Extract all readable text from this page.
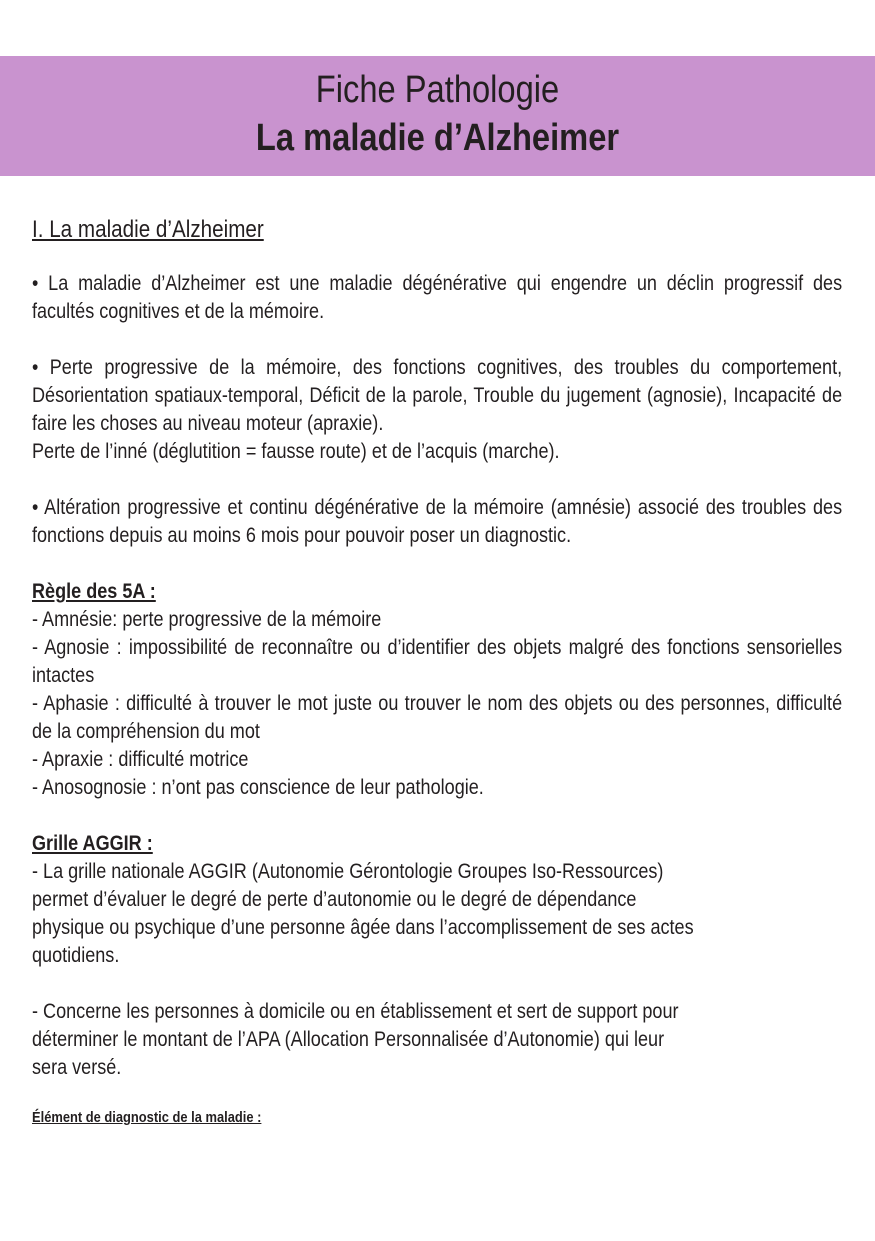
Fiche Pathologie
La maladie d’Alzheimer

I. La maladie d’Alzheimer

• La maladie d’Alzheimer est une maladie dégénérative qui engendre un déclin progressif des facultés cognitives et de la mémoire.

• Perte progressive de la mémoire, des fonctions cognitives, des troubles du comportement, Désorientation spatiaux-temporal, Déficit de la parole, Trouble du jugement (agnosie), Incapacité de faire les choses au niveau moteur (apraxie).

Perte de l’inné (déglutition = fausse route) et de l’acquis (marche).

• Altération progressive et continu dégénérative de la mémoire (amnésie) associé des troubles des fonctions depuis au moins 6 mois pour pouvoir poser un diagnostic.

Règle des 5A :

- Amnésie: perte progressive de la mémoire

- Agnosie : impossibilité de reconnaître ou d’identifier des objets malgré des fonctions sensorielles intactes

- Aphasie : difficulté à trouver le mot juste ou trouver le nom des objets ou des personnes, difficulté de la compréhension du mot

- Apraxie : difficulté motrice

- Anosognosie : n’ont pas conscience de leur pathologie.

Grille AGGIR :

- La grille nationale AGGIR (Autonomie Gérontologie Groupes Iso-Ressources)

permet d’évaluer le degré de perte d’autonomie ou le degré de dépendance

physique ou psychique d’une personne âgée dans l’accomplissement de ses actes

quotidiens.

- Concerne les personnes à domicile ou en établissement et sert de support pour

déterminer le montant de l’APA (Allocation Personnalisée d’Autonomie) qui leur

sera versé.

Élément de diagnostic de la maladie :
